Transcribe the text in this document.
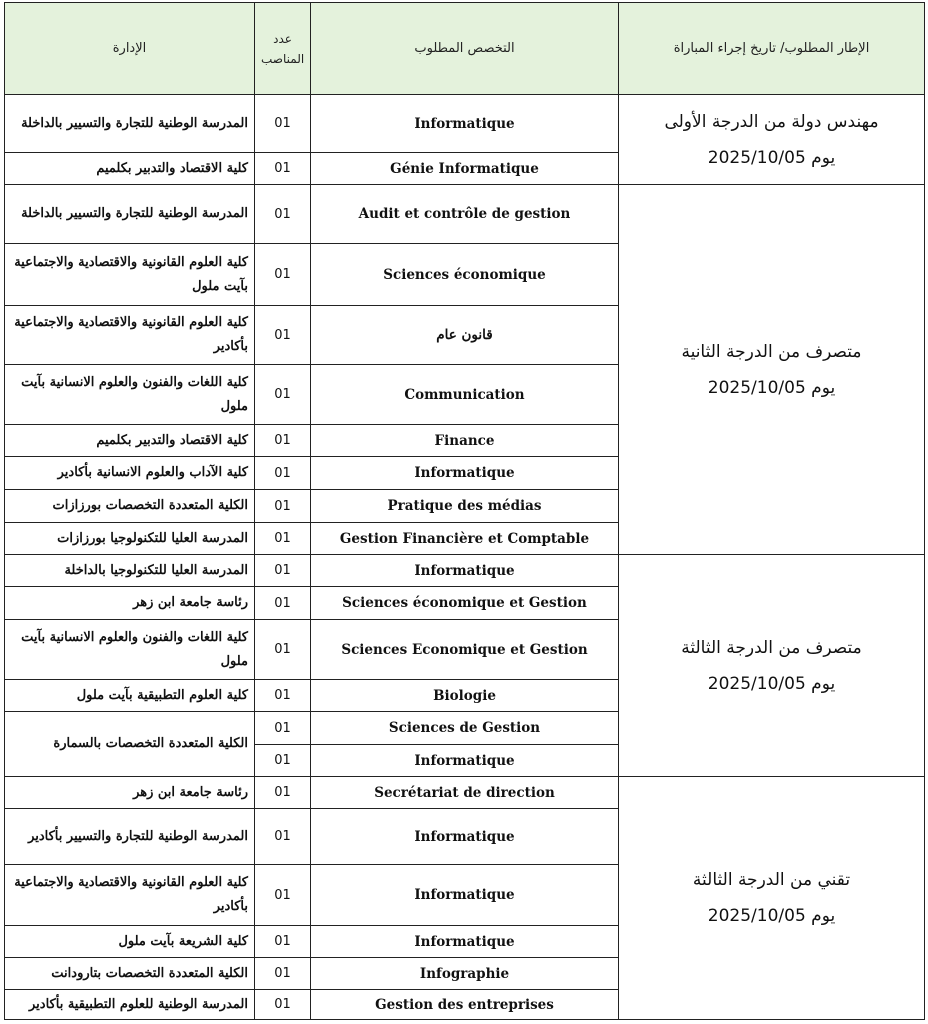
الإدارة	عدد المناصب	التخصص المطلوب	الإطار المطلوب/ تاريخ إجراء المباراة
المدرسة الوطنية للتجارة والتسيير بالداخلة	01	Informatique	مهندس دولة من الدرجة الأولى
يوم 2025/10/05

كلية الاقتصاد والتدبير بكلميم	01	Génie Informatique	
المدرسة الوطنية للتجارة والتسيير بالداخلة	01	Audit et contrôle de gestion	متصرف من الدرجة الثانية
يوم 2025/10/05

كلية العلوم القانونية والاقتصادية والاجتماعية بآيت ملول	01	Sciences économique	
كلية العلوم القانونية والاقتصادية والاجتماعية بأكادير	01	قانون عام	
كلية اللغات والفنون والعلوم الانسانية بآيت ملول	01	Communication	
كلية الاقتصاد والتدبير بكلميم	01	Finance	
كلية الآداب والعلوم الانسانية بأكادير	01	Informatique	
الكلية المتعددة التخصصات بورزازات	01	Pratique des médias	
المدرسة العليا للتكنولوجيا بورزازات	01	Gestion Financière et Comptable	
المدرسة العليا للتكنولوجيا بالداخلة	01	Informatique	متصرف من الدرجة الثالثة
يوم 2025/10/05

رئاسة جامعة ابن زهر	01	Sciences économique et Gestion	
كلية اللغات والفنون والعلوم الانسانية بآيت ملول	01	Sciences Economique et Gestion	
كلية العلوم التطبيقية بآيت ملول	01	Biologie	
الكلية المتعددة التخصصات بالسمارة	01	Sciences de Gestion	
	01	Informatique	
رئاسة جامعة ابن زهر	01	Secrétariat de direction	تقني من الدرجة الثالثة
يوم 2025/10/05

المدرسة الوطنية للتجارة والتسيير بأكادير	01	Informatique	
كلية العلوم القانونية والاقتصادية والاجتماعية بأكادير	01	Informatique	
كلية الشريعة بآيت ملول	01	Informatique	
الكلية المتعددة التخصصات بتارودانت	01	Infographie	
المدرسة الوطنية للعلوم التطبيقية بأكادير	01	Gestion des entreprises	
